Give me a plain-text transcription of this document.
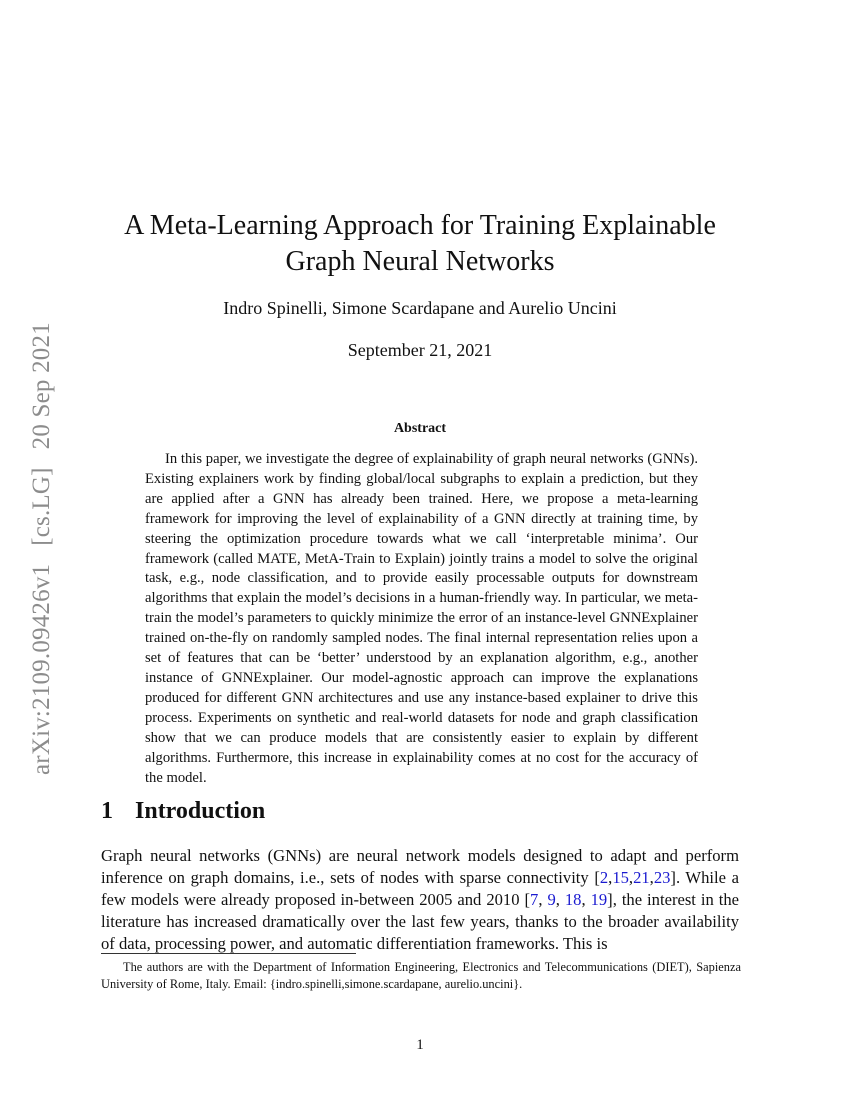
arXiv:2109.09426v1
[cs.LG]
20 Sep 2021
A Meta-Learning Approach for Training Explainable
Graph Neural Networks
Indro Spinelli, Simone Scardapane and Aurelio Uncini
September 21, 2021
Abstract
In this paper, we investigate the degree of explainability of graph neural networks (GNNs). Existing explainers work by finding global/local subgraphs to explain a prediction, but they are applied after a GNN has already been trained. Here, we propose a meta-learning framework for improving the level of explainability of a GNN directly at training time, by steering the optimization procedure towards what we call ‘interpretable minima’. Our framework (called MATE, MetA-Train to Explain) jointly trains a model to solve the original task, e.g., node classification, and to provide easily processable outputs for downstream algorithms that explain the model’s decisions in a human-friendly way. In particular, we meta-train the model’s parameters to quickly minimize the error of an instance-level GNNExplainer trained on-the-fly on randomly sampled nodes. The final internal representation relies upon a set of features that can be ‘better’ understood by an explanation algorithm, e.g., another instance of GNNExplainer. Our model-agnostic approach can improve the explanations produced for different GNN architectures and use any instance-based explainer to drive this process. Experiments on synthetic and real-world datasets for node and graph classification show that we can produce models that are consistently easier to explain by different algorithms. Furthermore, this increase in explainability comes at no cost for the accuracy of the model.
1 Introduction
Graph neural networks (GNNs) are neural network models designed to adapt and perform inference on graph domains, i.e., sets of nodes with sparse connectivity [2,15,21,23]. While a few models were already proposed in-between 2005 and 2010 [7, 9, 18, 19], the interest in the literature has increased dramatically over the last few years, thanks to the broader availability of data, processing power, and automatic differentiation frameworks. This is
The authors are with the Department of Information Engineering, Electronics and Telecommunications (DIET), Sapienza University of Rome, Italy. Email: {indro.spinelli,simone.scardapane, aurelio.uncini}.
1
